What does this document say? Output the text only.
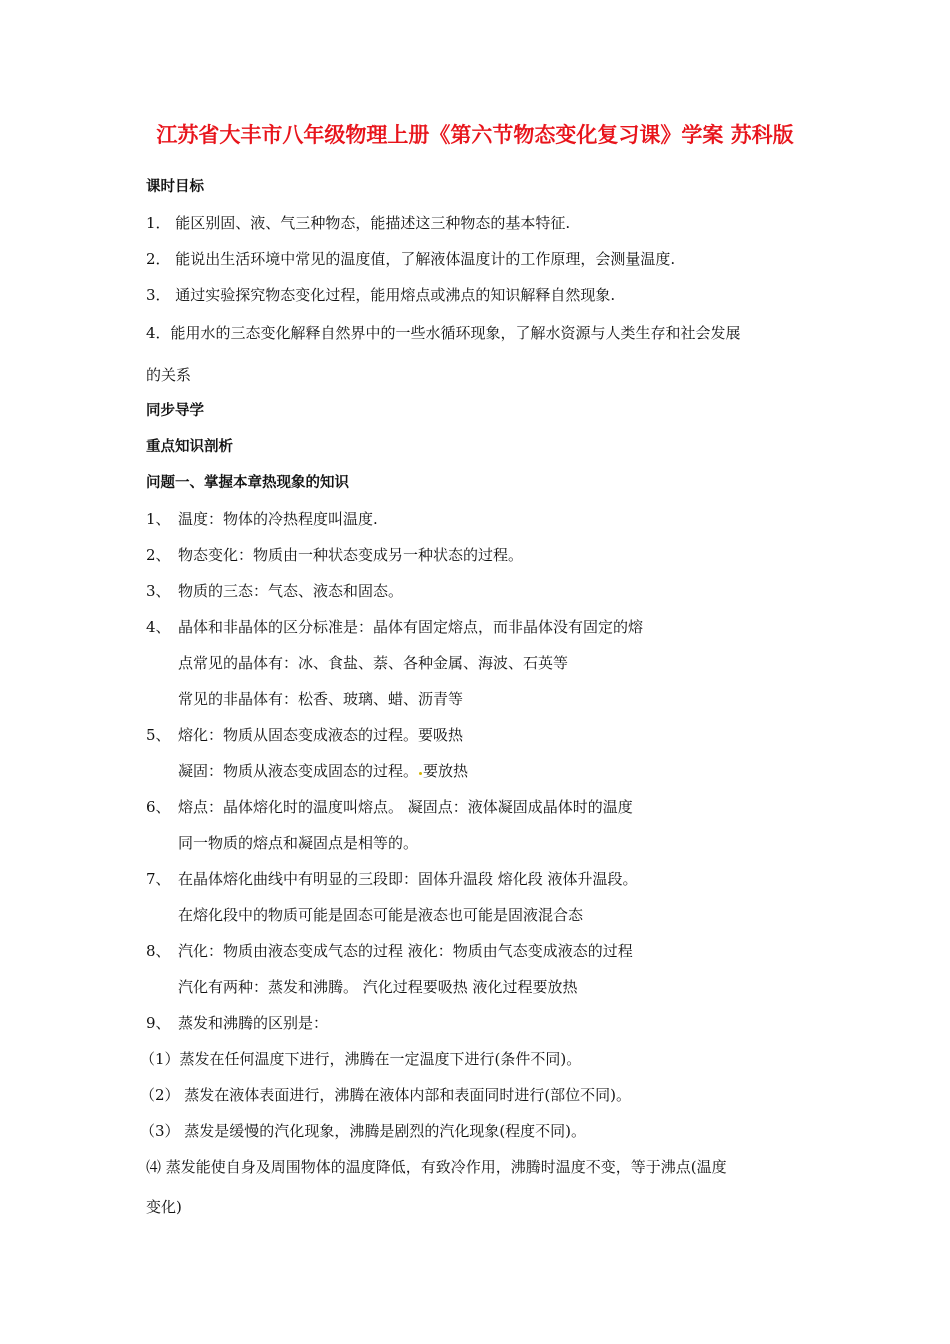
江苏省大丰市八年级物理上册《第六节物态变化复习课》学案 苏科版
课时目标
1． 能区别固、液、气三种物态，能描述这三种物态的基本特征.
2． 能说出生活环境中常见的温度值，了解液体温度计的工作原理，会测量温度.
3． 通过实验探究物态变化过程，能用熔点或沸点的知识解释自然现象.
4．能用水的三态变化解释自然界中的一些水循环现象，了解水资源与人类生存和社会发展
的关系
同步导学
重点知识剖析
问题一、掌握本章热现象的知识
1、 温度：物体的冷热程度叫温度.
2、 物态变化：物质由一种状态变成另一种状态的过程。
3、 物质的三态：气态、液态和固态。
4、 晶体和非晶体的区分标准是：晶体有固定熔点，而非晶体没有固定的熔
点常见的晶体有：冰、食盐、萘、各种金属、海波、石英等
常见的非晶体有：松香、玻璃、蜡、沥青等
5、 熔化：物质从固态变成液态的过程。要吸热
凝固：物质从液态变成固态的过程。 要放热
6、 熔点：晶体熔化时的温度叫熔点。 凝固点：液体凝固成晶体时的温度
同一物质的熔点和凝固点是相等的。
7、 在晶体熔化曲线中有明显的三段即：固体升温段 熔化段 液体升温段。
在熔化段中的物质可能是固态可能是液态也可能是固液混合态
8、 汽化：物质由液态变成气态的过程 液化：物质由气态变成液态的过程
汽化有两种：蒸发和沸腾。 汽化过程要吸热 液化过程要放热
9、 蒸发和沸腾的区别是：
（1）蒸发在任何温度下进行，沸腾在一定温度下进行(条件不同)。
（2） 蒸发在液体表面进行，沸腾在液体内部和表面同时进行(部位不同)。
（3） 蒸发是缓慢的汽化现象，沸腾是剧烈的汽化现象(程度不同)。
⑷ 蒸发能使自身及周围物体的温度降低，有致冷作用，沸腾时温度不变，等于沸点(温度
变化)
